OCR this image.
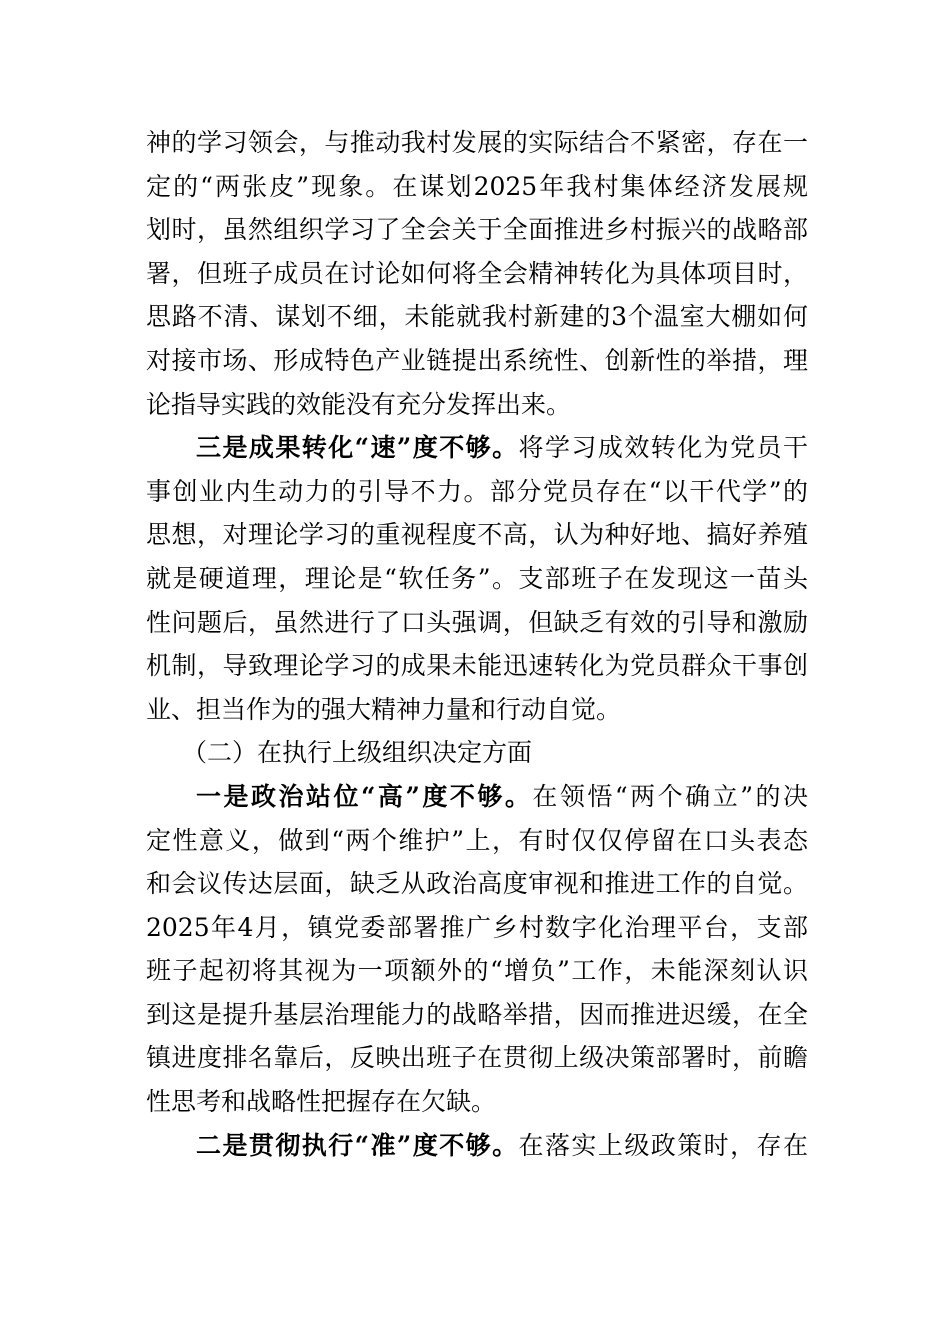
神的学习领会，与推动我村发展的实际结合不紧密，存在一
定的“两张皮”现象。在谋划2025年我村集体经济发展规
划时，虽然组织学习了全会关于全面推进乡村振兴的战略部
署，但班子成员在讨论如何将全会精神转化为具体项目时，
思路不清、谋划不细，未能就我村新建的3个温室大棚如何
对接市场、形成特色产业链提出系统性、创新性的举措，理
论指导实践的效能没有充分发挥出来。
三是成果转化“速”度不够。将学习成效转化为党员干
事创业内生动力的引导不力。部分党员存在“以干代学”的
思想，对理论学习的重视程度不高，认为种好地、搞好养殖
就是硬道理，理论是“软任务”。支部班子在发现这一苗头
性问题后，虽然进行了口头强调，但缺乏有效的引导和激励
机制，导致理论学习的成果未能迅速转化为党员群众干事创
业、担当作为的强大精神力量和行动自觉。
（二）在执行上级组织决定方面
一是政治站位“高”度不够。在领悟“两个确立”的决
定性意义，做到“两个维护”上，有时仅仅停留在口头表态
和会议传达层面，缺乏从政治高度审视和推进工作的自觉。
2025年4月，镇党委部署推广乡村数字化治理平台，支部
班子起初将其视为一项额外的“增负”工作，未能深刻认识
到这是提升基层治理能力的战略举措，因而推进迟缓，在全
镇进度排名靠后，反映出班子在贯彻上级决策部署时，前瞻
性思考和战略性把握存在欠缺。
二是贯彻执行“准”度不够。在落实上级政策时，存在
